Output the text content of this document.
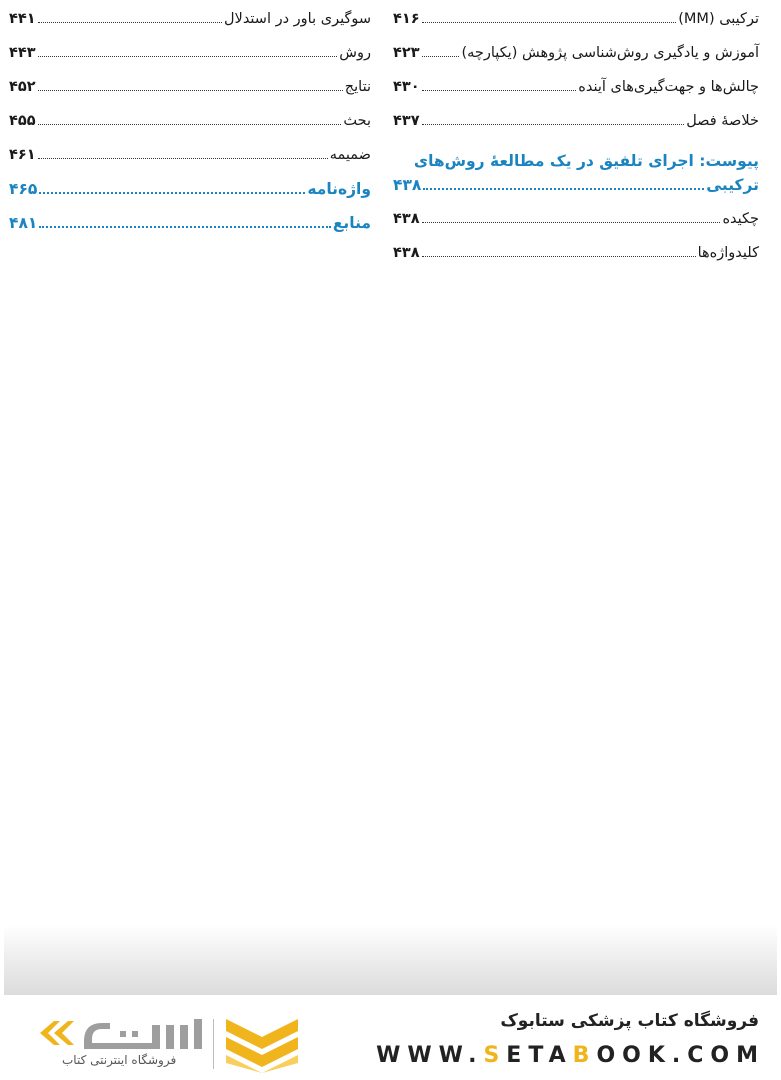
ترکیبی (MM)
۴۱۶
آموزش و یادگیری روش‌شناسی پژوهش (یکپارچه)
۴۲۳
چالش‌ها و جهت‌گیری‌های آینده
۴۳۰
خلاصهٔ فصل
۴۳۷
پیوست: اجرای تلفیق در یک مطالعهٔ روش‌های
ترکیبی
۴۳۸
چکیده
۴۳۸
کلیدواژه‌ها
۴۳۸
سوگیری باور در استدلال
۴۴۱
روش
۴۴۳
نتایج
۴۵۲
بحث
۴۵۵
ضمیمه
۴۶۱
واژه‌نامه
۴۶۵
منابع
۴۸۱
فروشگاه کتاب پزشکی ستابوک
WWW.SETABOOK.COM
فروشگاه اینترنتی کتاب
